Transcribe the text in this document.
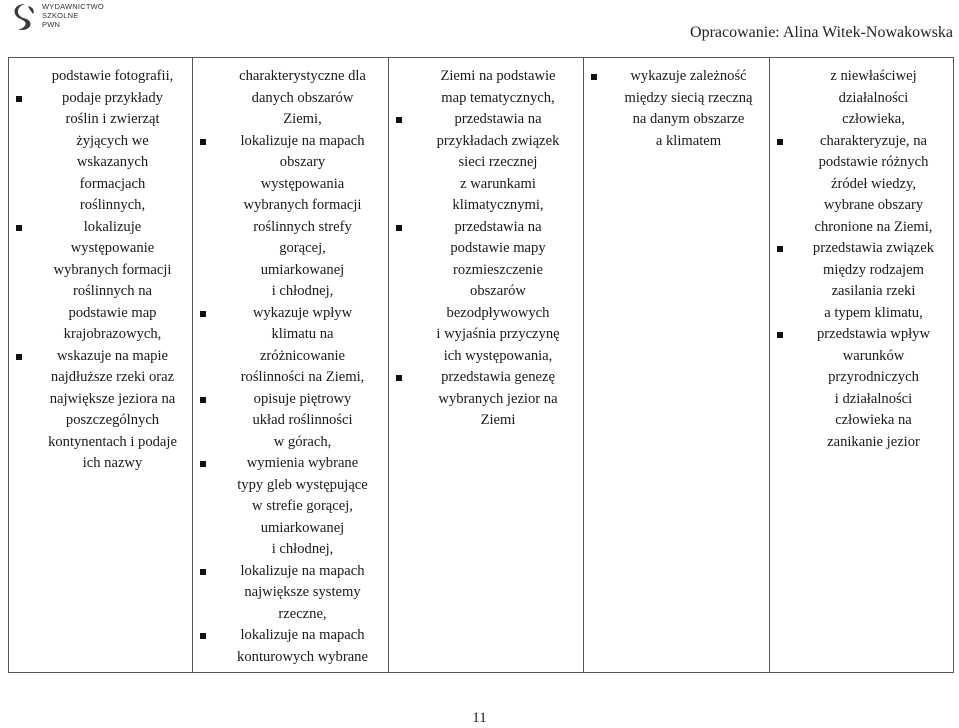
WYDAWNICTWO
SZKOLNE
PWN	Opracowanie: Alina Witek-Nowakowska
podstawie fotografii,
podaje przykłady
roślin i zwierząt
żyjących we
wskazanych
formacjach
roślinnych,
lokalizuje
występowanie
wybranych formacji
roślinnych na
podstawie map
krajobrazowych,
wskazuje na mapie
najdłuższe rzeki oraz
największe jeziora na
poszczególnych
kontynentach i podaje
ich nazwy

charakterystyczne dla
danych obszarów
Ziemi,
lokalizuje na mapach
obszary
występowania
wybranych formacji
roślinnych strefy
gorącej,
umiarkowanej
i chłodnej,
wykazuje wpływ
klimatu na
zróżnicowanie
roślinności na Ziemi,
opisuje piętrowy
układ roślinności
w górach,
wymienia wybrane
typy gleb występujące
w strefie gorącej,
umiarkowanej
i chłodnej,
lokalizuje na mapach
największe systemy
rzeczne,
lokalizuje na mapach
konturowych wybrane

Ziemi na podstawie
map tematycznych,
przedstawia na
przykładach związek
sieci rzecznej
z warunkami
klimatycznymi,
przedstawia na
podstawie mapy
rozmieszczenie
obszarów
bezodpływowych
i wyjaśnia przyczynę
ich występowania,
przedstawia genezę
wybranych jezior na
Ziemi

wykazuje zależność
między siecią rzeczną
na danym obszarze
a klimatem

z niewłaściwej
działalności
człowieka,
charakteryzuje, na
podstawie różnych
źródeł wiedzy,
wybrane obszary
chronione na Ziemi,
przedstawia związek
między rodzajem
zasilania rzeki
a typem klimatu,
przedstawia wpływ
warunków
przyrodniczych
i działalności
człowieka na
zanikanie jezior
11
